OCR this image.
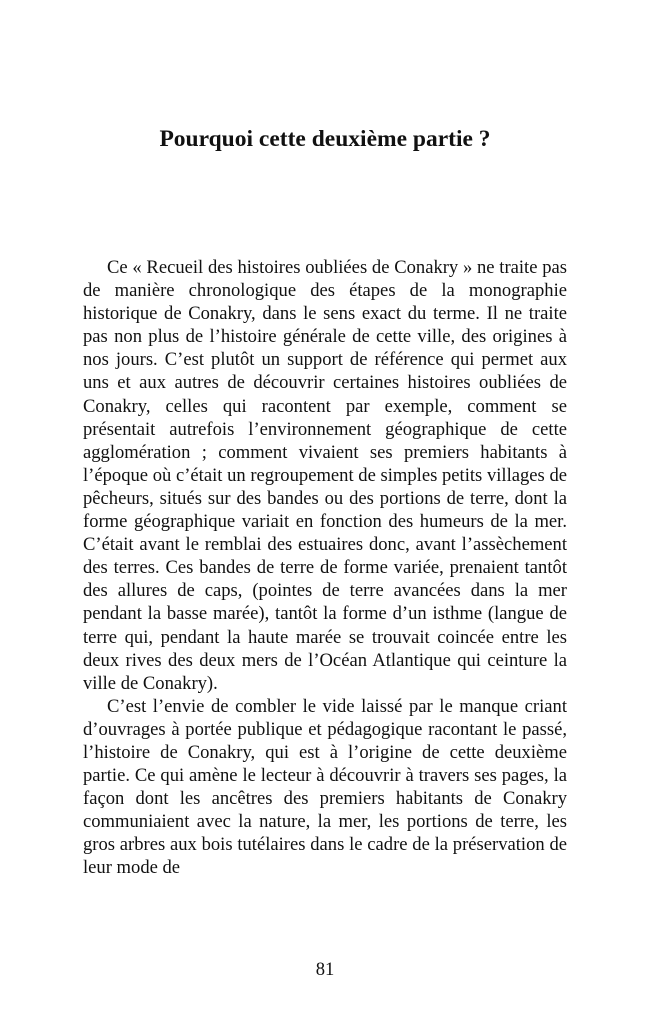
Pourquoi cette deuxième partie ?

Ce « Recueil des histoires oubliées de Conakry » ne traite pas de manière chronologique des étapes de la monographie historique de Conakry, dans le sens exact du terme. Il ne traite pas non plus de l’histoire générale de cette ville, des origines à nos jours. C’est plutôt un support de référence qui permet aux uns et aux autres de découvrir certaines histoires oubliées de Conakry, celles qui racontent par exemple, comment se présentait autrefois l’environnement géographique de cette agglomération ; comment vivaient ses premiers habitants à l’époque où c’était un regroupement de simples petits villages de pêcheurs, situés sur des bandes ou des portions de terre, dont la forme géographique variait en fonction des humeurs de la mer. C’était avant le remblai des estuaires donc, avant l’assèchement des terres. Ces bandes de terre de forme variée, prenaient tantôt des allures de caps, (pointes de terre avancées dans la mer pendant la basse marée), tantôt la forme d’un isthme (langue de terre qui, pendant la haute marée se trouvait coincée entre les deux rives des deux mers de l’Océan Atlantique qui ceinture la ville de Conakry).

C’est l’envie de combler le vide laissé par le manque criant d’ouvrages à portée publique et pédagogique racontant le passé, l’histoire de Conakry, qui est à l’origine de cette deuxième partie. Ce qui amène le lecteur à découvrir à travers ses pages, la façon dont les ancêtres des premiers habitants de Conakry communiaient avec la nature, la mer, les portions de terre, les gros arbres aux bois tutélaires dans le cadre de la préservation de leur mode de

81
